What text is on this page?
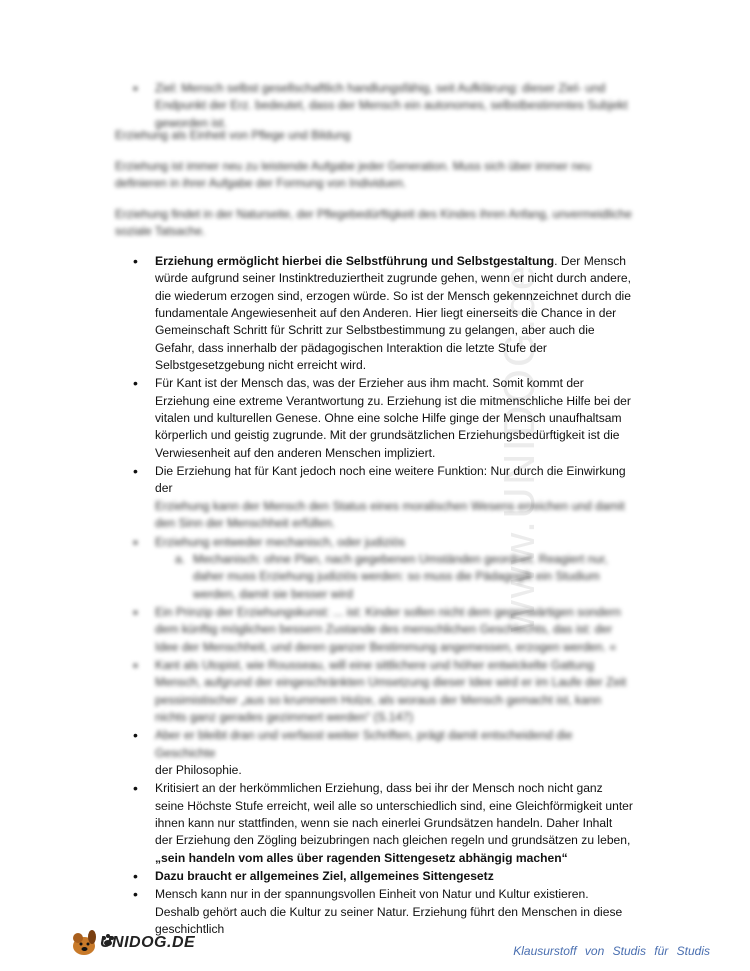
www.UNIDOG.de
• Ziel: Mensch selbst gesellschaftlich handlungsfähig, seit Aufklärung: dieser Ziel- und Endpunkt der Erz. bedeutet, dass der Mensch ein autonomes, selbstbestimmtes Subjekt geworden ist.
Erziehung als Einheit von Pflege und Bildung
Erziehung ist immer neu zu leistende Aufgabe jeder Generation. Muss sich über immer neu definieren in ihrer Aufgabe der Formung von Individuen.
Erziehung findet in der Naturseite, der Pflegebedürftigkeit des Kindes ihren Anfang, unvermeidliche soziale Tatsache.
• Erziehung ermöglicht hierbei die Selbstführung und Selbstgestaltung. Der Mensch würde aufgrund seiner Instinktreduziertheit zugrunde gehen, wenn er nicht durch andere, die wiederum erzogen sind, erzogen würde. So ist der Mensch gekennzeichnet durch die fundamentale Angewiesenheit auf den Anderen. Hier liegt einerseits die Chance in der Gemeinschaft Schritt für Schritt zur Selbstbestimmung zu gelangen, aber auch die Gefahr, dass innerhalb der pädagogischen Interaktion die letzte Stufe der Selbstgesetzgebung nicht erreicht wird.
• Für Kant ist der Mensch das, was der Erzieher aus ihm macht. Somit kommt der Erziehung eine extreme Verantwortung zu. Erziehung ist die mitmenschliche Hilfe bei der vitalen und kulturellen Genese. Ohne eine solche Hilfe ginge der Mensch unaufhaltsam körperlich und geistig zugrunde. Mit der grundsätzlichen Erziehungsbedürftigkeit ist die Verwiesenheit auf den anderen Menschen impliziert.
• Die Erziehung hat für Kant jedoch noch eine weitere Funktion: Nur durch die Einwirkung der
Erziehung kann der Mensch den Status eines moralischen Wesens erreichen und damit den Sinn der Menschheit erfüllen.
• Erziehung entweder mechanisch, oder judiziös
a. Mechanisch: ohne Plan, nach gegebenen Umständen geordnet. Reagiert nur, daher muss Erziehung judiziös werden: so muss die Pädagogik ein Studium werden, damit sie besser wird
• Ein Prinzip der Erziehungskunst: ... ist: Kinder sollen nicht dem gegenwärtigen sondern dem künftig möglichen bessern Zustande des menschlichen Geschlechts, das ist: der Idee der Menschheit, und deren ganzer Bestimmung angemessen, erzogen werden. «
• Kant als Utopist, wie Rousseau, will eine sittlichere und höher entwickelte Gattung Mensch, aufgrund der eingeschränkten Umsetzung dieser Idee wird er im Laufe der Zeit pessimistischer „aus so krummem Holze, als woraus der Mensch gemacht ist, kann nichts ganz gerades gezimmert werden“ (S.147)
• Aber er bleibt dran und verfasst weiter Schriften, prägt damit entscheidend die Geschichte
der Philosophie.
• Kritisiert an der herkömmlichen Erziehung, dass bei ihr der Mensch noch nicht ganz seine Höchste Stufe erreicht, weil alle so unterschiedlich sind, eine Gleichförmigkeit unter ihnen kann nur stattfinden, wenn sie nach einerlei Grundsätzen handeln. Daher Inhalt der Erziehung den Zögling beizubringen nach gleichen regeln und grundsätzen zu leben, „sein handeln vom alles über ragenden Sittengesetz abhängig machen“
• Dazu braucht er allgemeines Ziel, allgemeines Sittengesetz
• Mensch kann nur in der spannungsvollen Einheit von Natur und Kultur existieren. Deshalb gehört auch die Kultur zu seiner Natur. Erziehung führt den Menschen in diese geschichtlich
UNIDOG.DE	Klausurstoff von Studis für Studis
